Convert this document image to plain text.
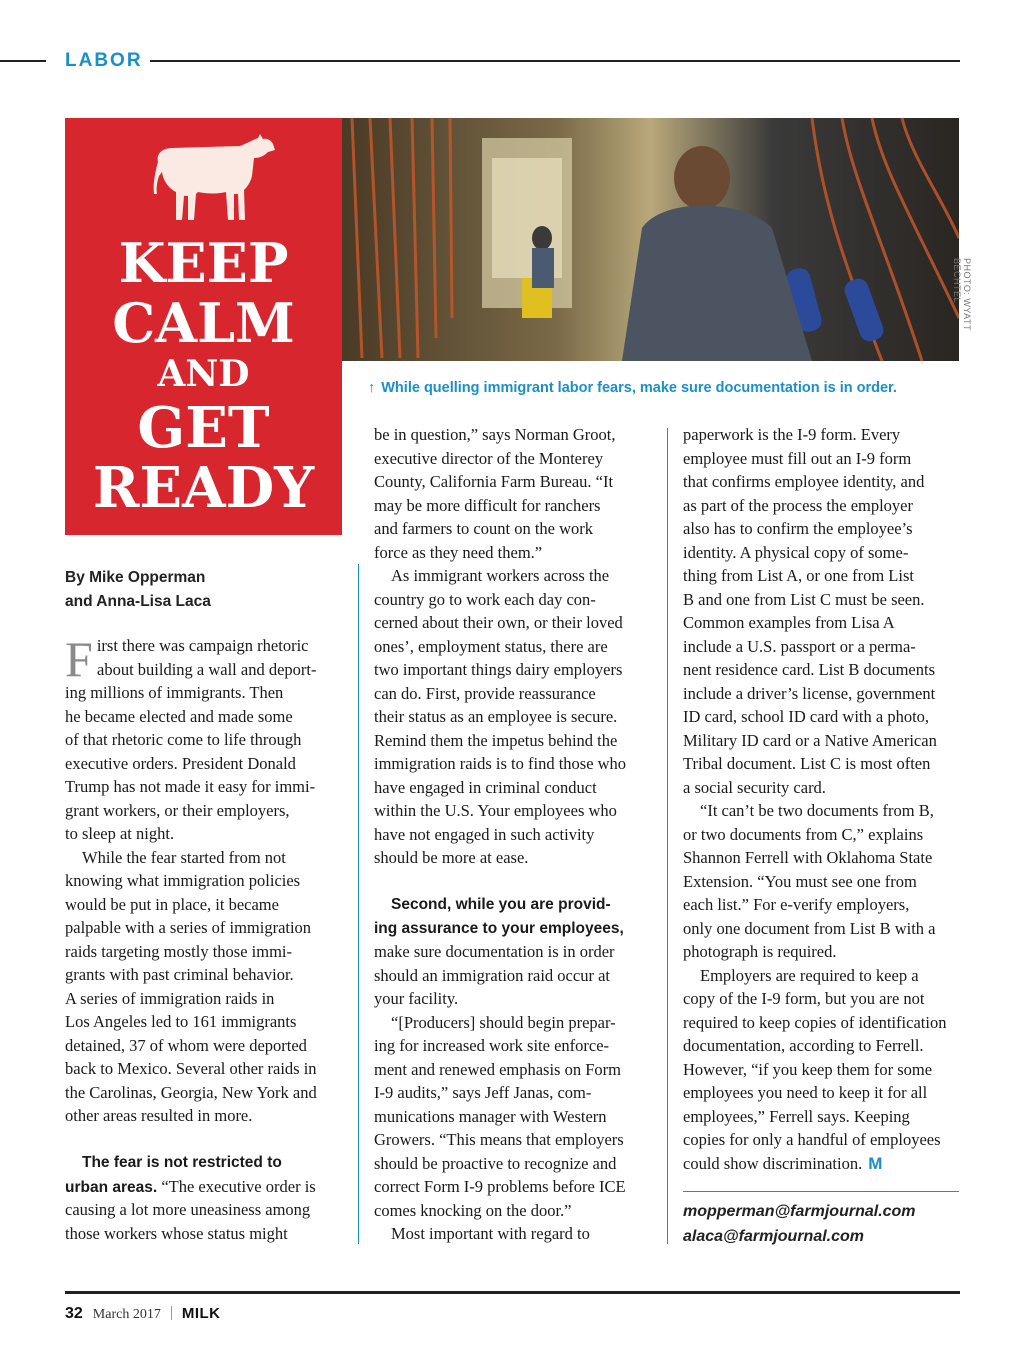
LABOR
KEEP
CALM
AND
GET
READY
PHOTO: WYATT BECHTEL
↑ While quelling immigrant labor fears, make sure documentation is in order.
By Mike Opperman
and Anna-Lisa Laca
F irst there was campaign rhetoric
about building a wall and deport-
ing millions of immigrants. Then
he became elected and made some
of that rhetoric come to life through
executive orders. President Donald
Trump has not made it easy for immi-
grant workers, or their employers,
to sleep at night.
While the fear started from not
knowing what immigration policies
would be put in place, it became
palpable with a series of immigration
raids targeting mostly those immi-
grants with past criminal behavior.
A series of immigration raids in
Los Angeles led to 161 immigrants
detained, 37 of whom were deported
back to Mexico. Several other raids in
the Carolinas, Georgia, New York and
other areas resulted in more.
The fear is not restricted to
urban areas. “The executive order is
causing a lot more uneasiness among
those workers whose status might
be in question,” says Norman Groot,
executive director of the Monterey
County, California Farm Bureau. “It
may be more difficult for ranchers
and farmers to count on the work
force as they need them.”
As immigrant workers across the
country go to work each day con-
cerned about their own, or their loved
ones’, employment status, there are
two important things dairy employers
can do. First, provide reassurance
their status as an employee is secure.
Remind them the impetus behind the
immigration raids is to find those who
have engaged in criminal conduct
within the U.S. Your employees who
have not engaged in such activity
should be more at ease.
Second, while you are provid-
ing assurance to your employees,
make sure documentation is in order
should an immigration raid occur at
your facility.
“[Producers] should begin prepar-
ing for increased work site enforce-
ment and renewed emphasis on Form
I-9 audits,” says Jeff Janas, com-
munications manager with Western
Growers. “This means that employers
should be proactive to recognize and
correct Form I-9 problems before ICE
comes knocking on the door.”
Most important with regard to
paperwork is the I-9 form. Every
employee must fill out an I-9 form
that confirms employee identity, and
as part of the process the employer
also has to confirm the employee’s
identity. A physical copy of some-
thing from List A, or one from List
B and one from List C must be seen.
Common examples from Lisa A
include a U.S. passport or a perma-
nent residence card. List B documents
include a driver’s license, government
ID card, school ID card with a photo,
Military ID card or a Native American
Tribal document. List C is most often
a social security card.
“It can’t be two documents from B,
or two documents from C,” explains
Shannon Ferrell with Oklahoma State
Extension. “You must see one from
each list.” For e-verify employers,
only one document from List B with a
photograph is required.
Employers are required to keep a
copy of the I-9 form, but you are not
required to keep copies of identification
documentation, according to Ferrell.
However, “if you keep them for some
employees you need to keep it for all
employees,” Ferrell says. Keeping
copies for only a handful of employees
could show discrimination. M
mopperman@farmjournal.com
alaca@farmjournal.com
32 March 2017 MILK
